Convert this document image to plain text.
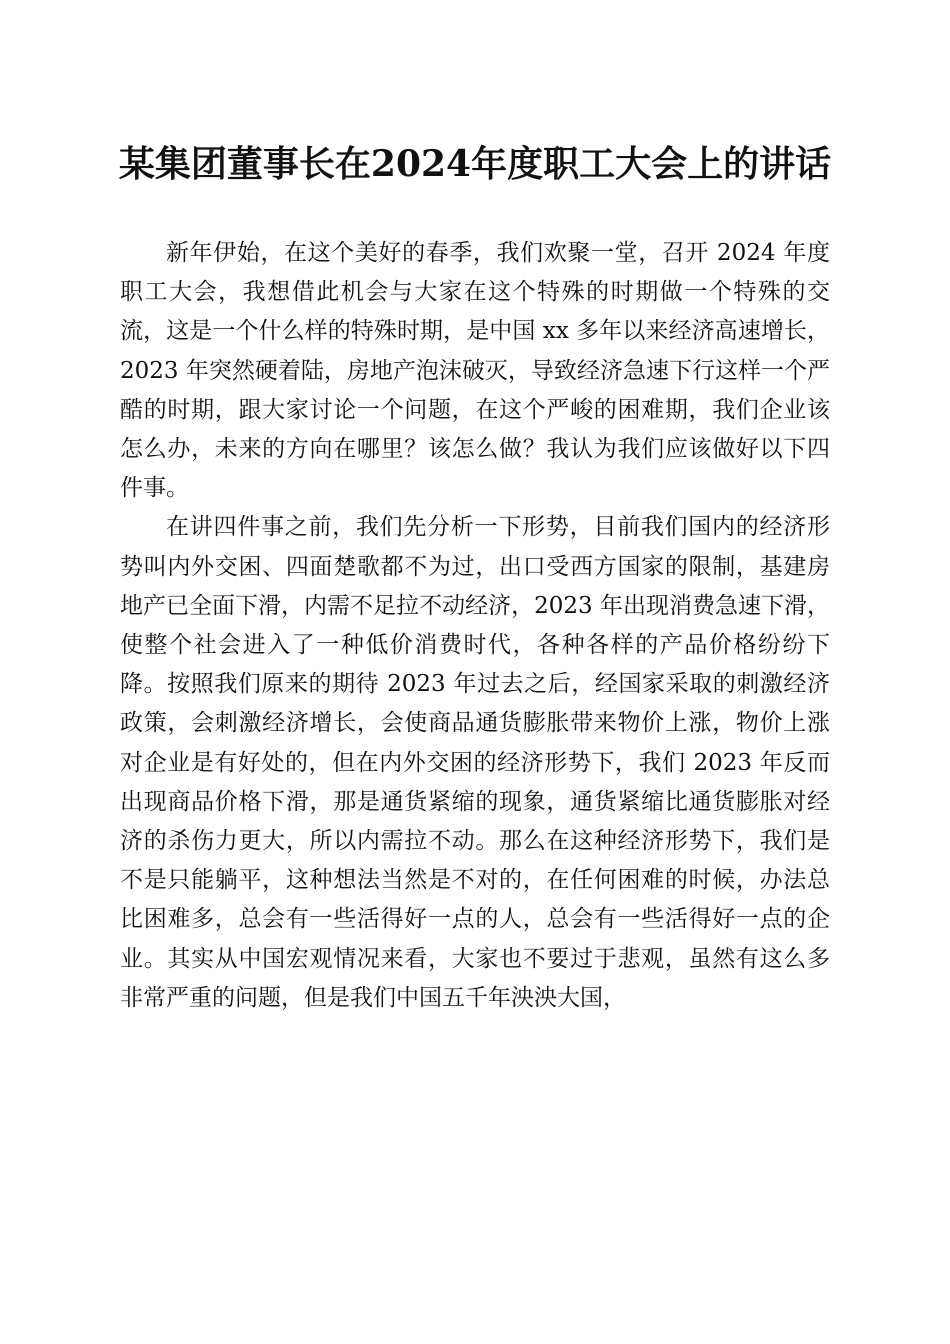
某集团董事长在2024年度职工大会上的讲话

新年伊始，在这个美好的春季，我们欢聚一堂，召开 2024 年度职工大会，我想借此机会与大家在这个特殊的时期做一个特殊的交流，这是一个什么样的特殊时期，是中国 xx 多年以来经济高速增长，2023 年突然硬着陆，房地产泡沫破灭，导致经济急速下行这样一个严酷的时期，跟大家讨论一个问题，在这个严峻的困难期，我们企业该怎么办，未来的方向在哪里？该怎么做？我认为我们应该做好以下四件事。

在讲四件事之前，我们先分析一下形势，目前我们国内的经济形势叫内外交困、四面楚歌都不为过，出口受西方国家的限制，基建房地产已全面下滑，内需不足拉不动经济，2023 年出现消费急速下滑，使整个社会进入了一种低价消费时代，各种各样的产品价格纷纷下降。按照我们原来的期待 2023 年过去之后，经国家采取的刺激经济政策，会刺激经济增长，会使商品通货膨胀带来物价上涨，物价上涨对企业是有好处的，但在内外交困的经济形势下，我们 2023 年反而出现商品价格下滑，那是通货紧缩的现象，通货紧缩比通货膨胀对经济的杀伤力更大，所以内需拉不动。那么在这种经济形势下，我们是不是只能躺平，这种想法当然是不对的，在任何困难的时候，办法总比困难多，总会有一些活得好一点的人，总会有一些活得好一点的企业。其实从中国宏观情况来看，大家也不要过于悲观，虽然有这么多非常严重的问题，但是我们中国五千年泱泱大国，
